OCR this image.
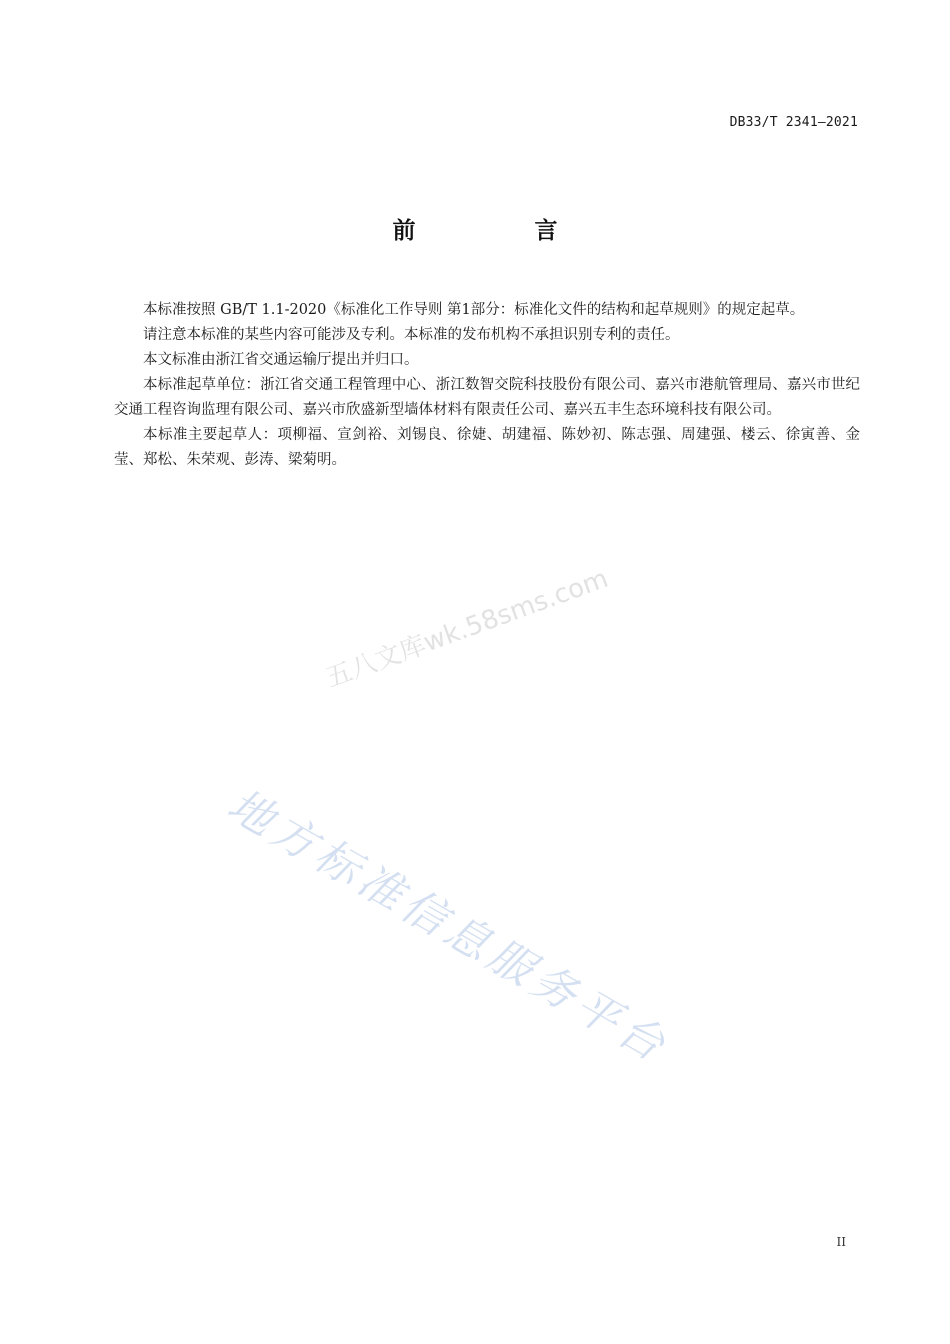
DB33/T 2341—2021
前　言

本标准按照 GB/T 1.1-2020《标准化工作导则 第1部分：标准化文件的结构和起草规则》的规定起草。

请注意本标准的某些内容可能涉及专利。本标准的发布机构不承担识别专利的责任。

本文标准由浙江省交通运输厅提出并归口。

本标准起草单位：浙江省交通工程管理中心、浙江数智交院科技股份有限公司、嘉兴市港航管理局、嘉兴市世纪交通工程咨询监理有限公司、嘉兴市欣盛新型墙体材料有限责任公司、嘉兴五丰生态环境科技有限公司。

本标准主要起草人：项柳福、宣剑裕、刘锡良、徐婕、胡建福、陈妙初、陈志强、周建强、楼云、徐寅善、金莹、郑松、朱荣观、彭涛、梁菊明。

五八文库wk.58sms.com
地方标准信息服务平台
II
